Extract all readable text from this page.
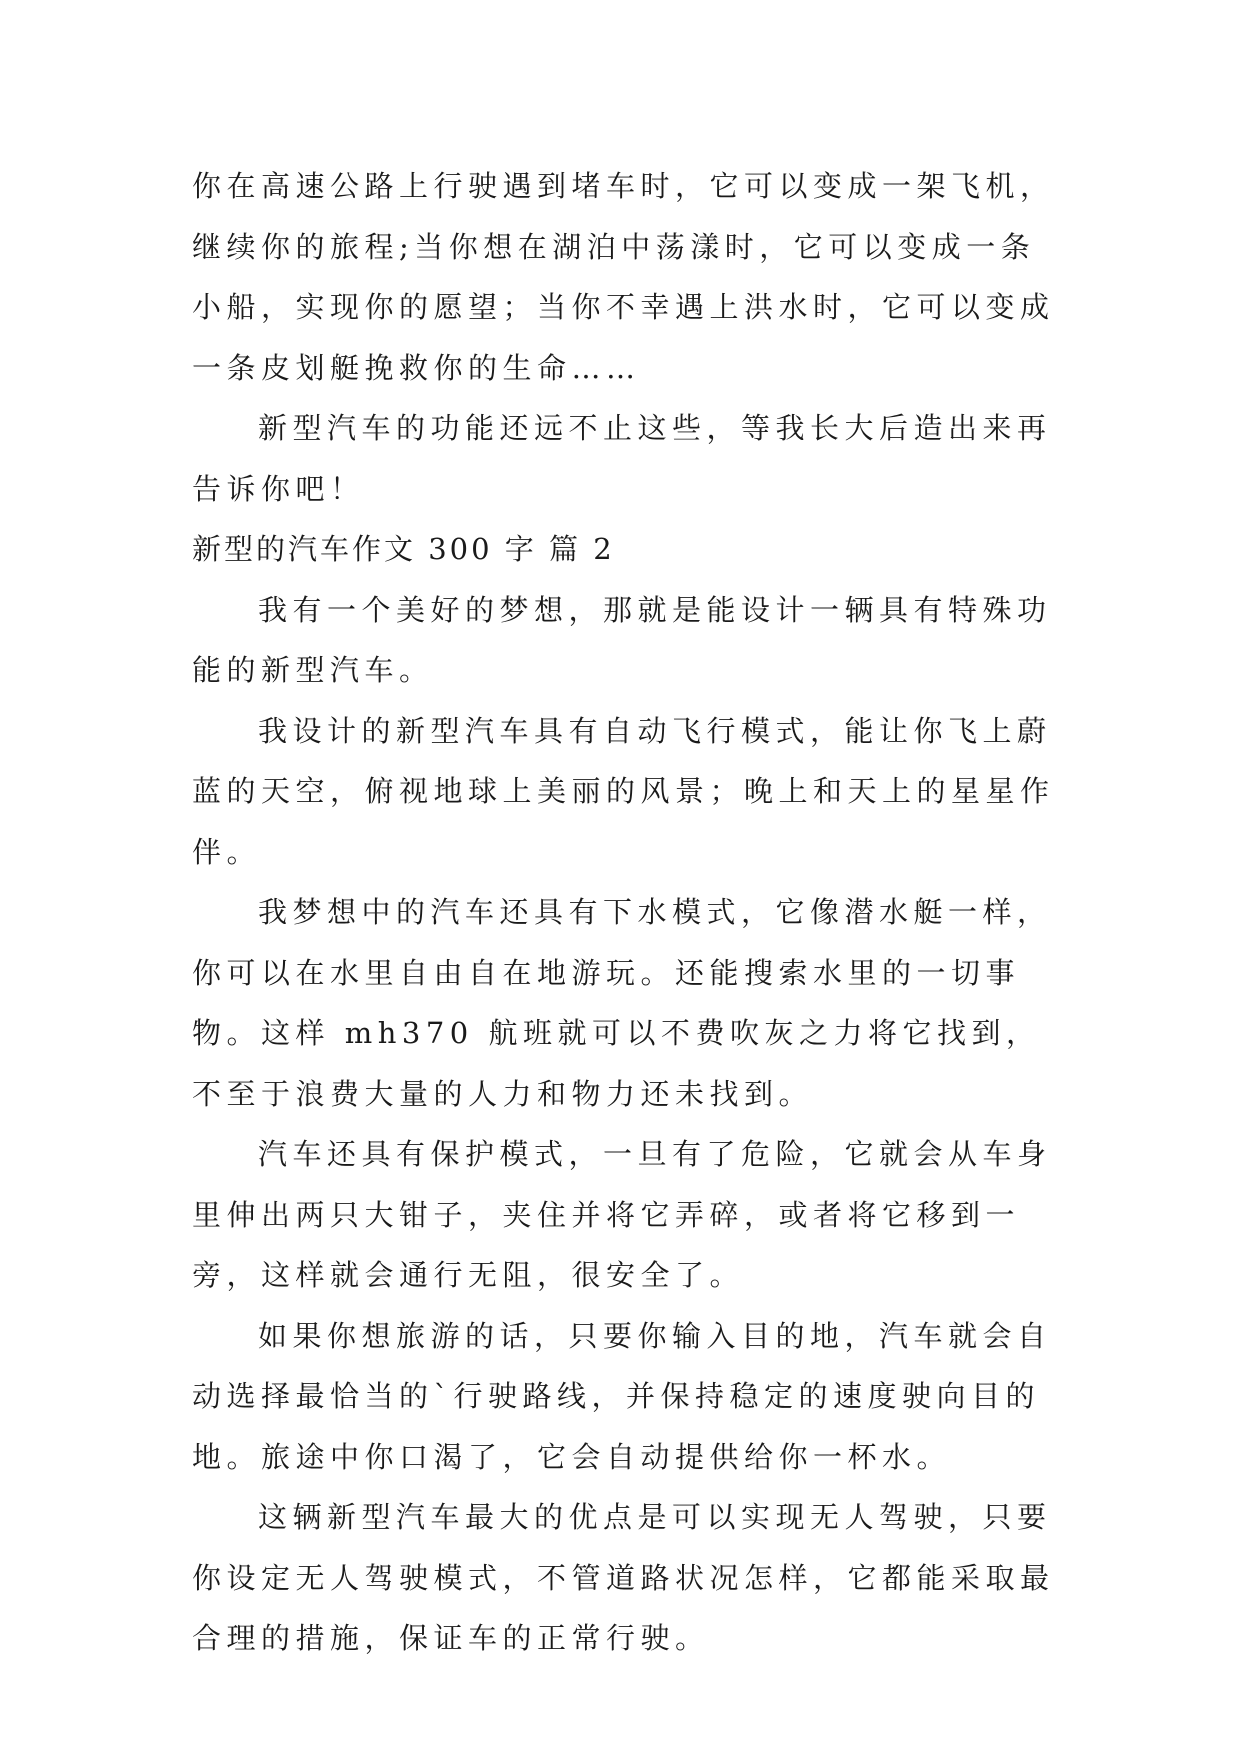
你在高速公路上行驶遇到堵车时，它可以变成一架飞机，继续你的旅程;当你想在湖泊中荡漾时，它可以变成一条小船，实现你的愿望；当你不幸遇上洪水时，它可以变成一条皮划艇挽救你的生命……

新型汽车的功能还远不止这些，等我长大后造出来再告诉你吧！

新型的汽车作文 300 字 篇 2

我有一个美好的梦想，那就是能设计一辆具有特殊功能的新型汽车。

我设计的新型汽车具有自动飞行模式，能让你飞上蔚蓝的天空，俯视地球上美丽的风景；晚上和天上的星星作伴。

我梦想中的汽车还具有下水模式，它像潜水艇一样，你可以在水里自由自在地游玩。还能搜索水里的一切事物。这样 mh370 航班就可以不费吹灰之力将它找到，不至于浪费大量的人力和物力还未找到。

汽车还具有保护模式，一旦有了危险，它就会从车身里伸出两只大钳子，夹住并将它弄碎，或者将它移到一旁，这样就会通行无阻，很安全了。

如果你想旅游的话，只要你输入目的地，汽车就会自动选择最恰当的`行驶路线，并保持稳定的速度驶向目的地。旅途中你口渴了，它会自动提供给你一杯水。

这辆新型汽车最大的优点是可以实现无人驾驶，只要你设定无人驾驶模式，不管道路状况怎样，它都能采取最合理的措施，保证车的正常行驶。
